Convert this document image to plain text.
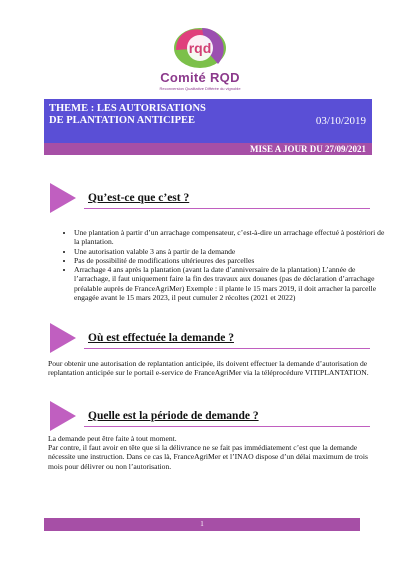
rqd
Comité RQD
Reconversion Qualitative Différée du vignoble
THEME : LES AUTORISATIONS DE PLANTATION ANTICIPEE	03/10/2019
MISE A JOUR DU 27/09/2021
Qu’est-ce que c’est ?
• Une plantation à partir d’un arrachage compensateur, c’est-à-dire un arrachage effectué à postériori de la plantation.
• Une autorisation valable 3 ans à partir de la demande
• Pas de possibilité de modifications ultérieures des parcelles
• Arrachage 4 ans après la plantation (avant la date d’anniversaire de la plantation) L’année de l’arrachage, il faut uniquement faire la fin des travaux aux douanes (pas de déclaration d’arrachage préalable auprès de FranceAgriMer) Exemple : il plante le 15 mars 2019, il doit arracher la parcelle engagée avant le 15 mars 2023, il peut cumuler 2 récoltes (2021 et 2022)
Où est effectuée la demande ?

Pour obtenir une autorisation de replantation anticipée, ils doivent effectuer la demande d’autorisation de replantation anticipée sur le portail e-service de FranceAgriMer via la téléprocédure VITIPLANTATION.

Quelle est la période de demande ?

La demande peut être faite à tout moment.

Par contre, il faut avoir en tête que si la délivrance ne se fait pas immédiatement c’est que la demande nécessite une instruction. Dans ce cas là, FranceAgriMer et l’INAO dispose d’un délai maximum de trois mois pour délivrer ou non l’autorisation.

1
